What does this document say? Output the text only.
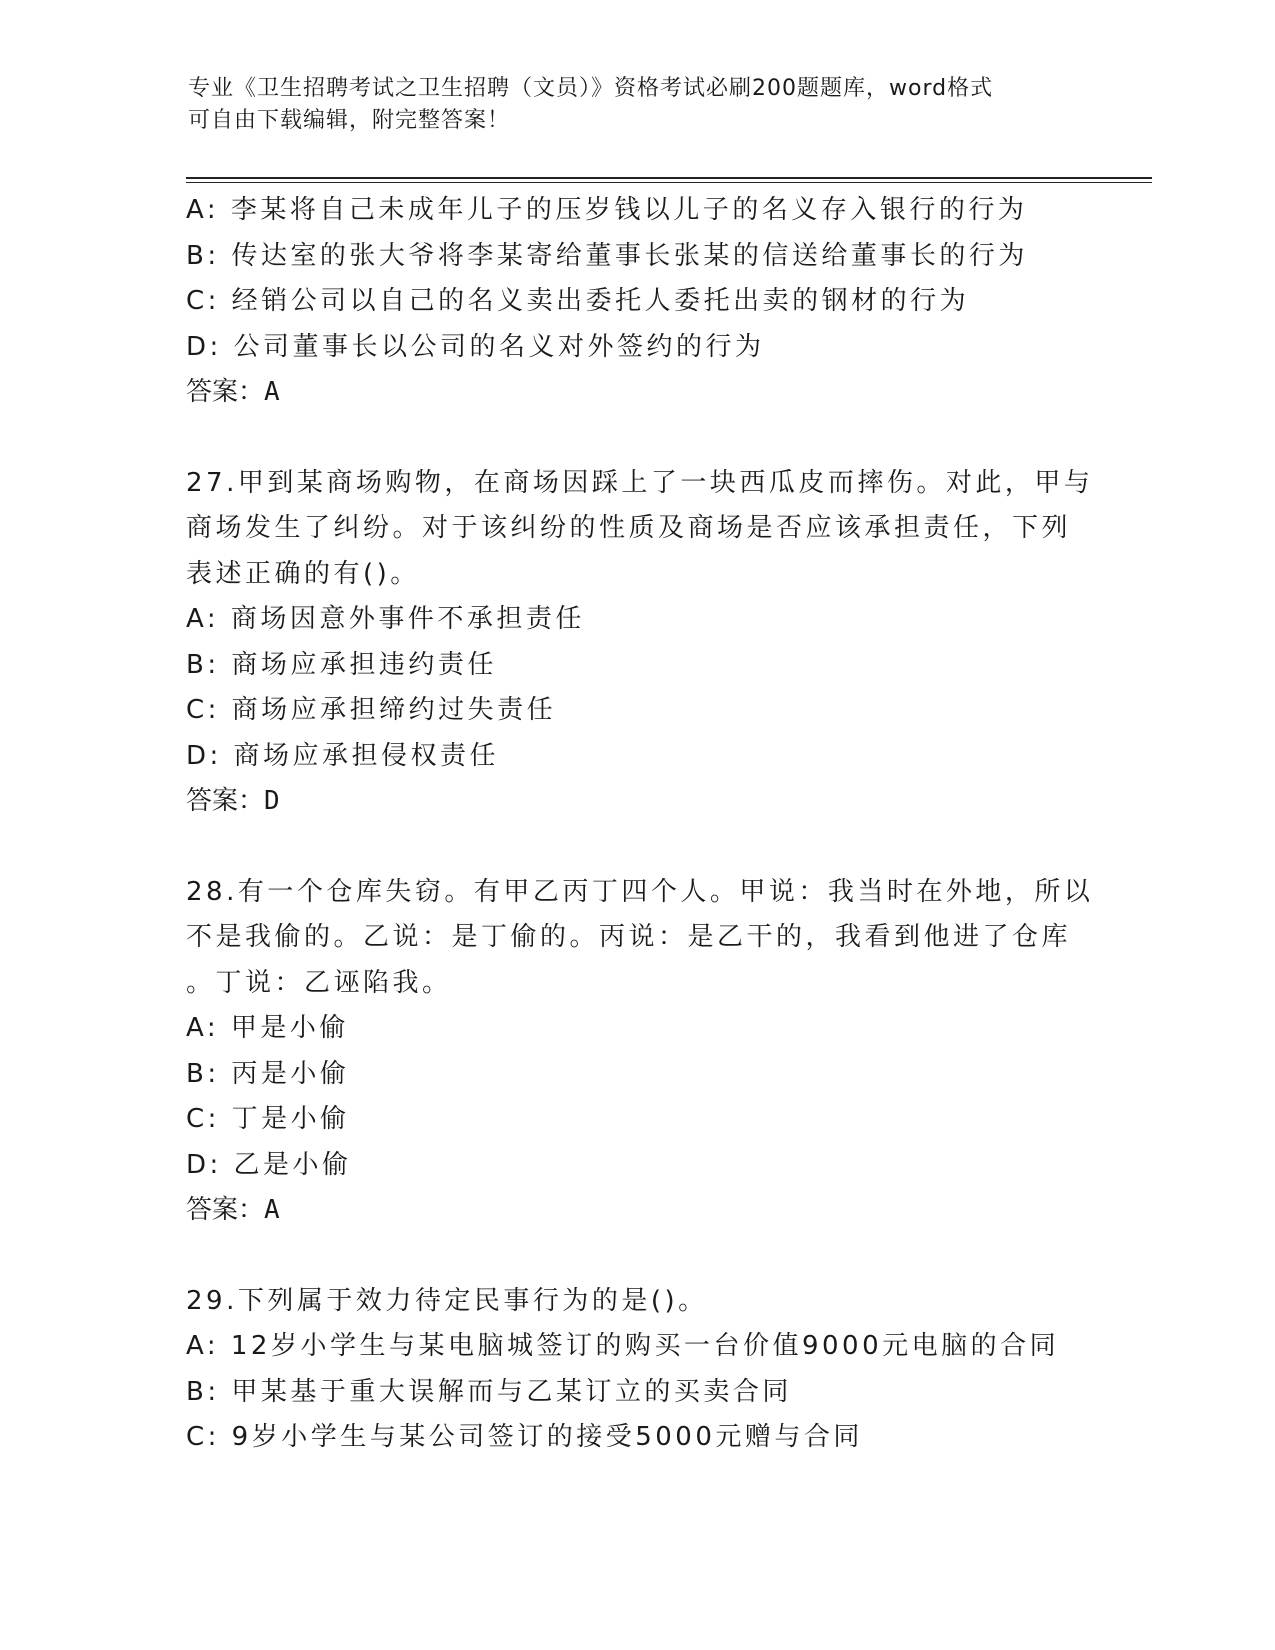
专业《卫生招聘考试之卫生招聘（文员）》资格考试必刷200题题库，word格式
可自由下载编辑，附完整答案！
A: 李某将自己未成年儿子的压岁钱以儿子的名义存入银行的行为
B: 传达室的张大爷将李某寄给董事长张某的信送给董事长的行为
C: 经销公司以自己的名义卖出委托人委托出卖的钢材的行为
D: 公司董事长以公司的名义对外签约的行为
答案：A
27.甲到某商场购物，在商场因踩上了一块西瓜皮而摔伤。对此，甲与
商场发生了纠纷。对于该纠纷的性质及商场是否应该承担责任，下列
表述正确的有()。
A: 商场因意外事件不承担责任
B: 商场应承担违约责任
C: 商场应承担缔约过失责任
D: 商场应承担侵权责任
答案：D
28.有一个仓库失窃。有甲乙丙丁四个人。甲说：我当时在外地，所以
不是我偷的。乙说：是丁偷的。丙说：是乙干的，我看到他进了仓库
。丁说：乙诬陷我。
A: 甲是小偷
B: 丙是小偷
C: 丁是小偷
D: 乙是小偷
答案：A
29.下列属于效力待定民事行为的是()。
A: 12岁小学生与某电脑城签订的购买一台价值9000元电脑的合同
B: 甲某基于重大误解而与乙某订立的买卖合同
C: 9岁小学生与某公司签订的接受5000元赠与合同
